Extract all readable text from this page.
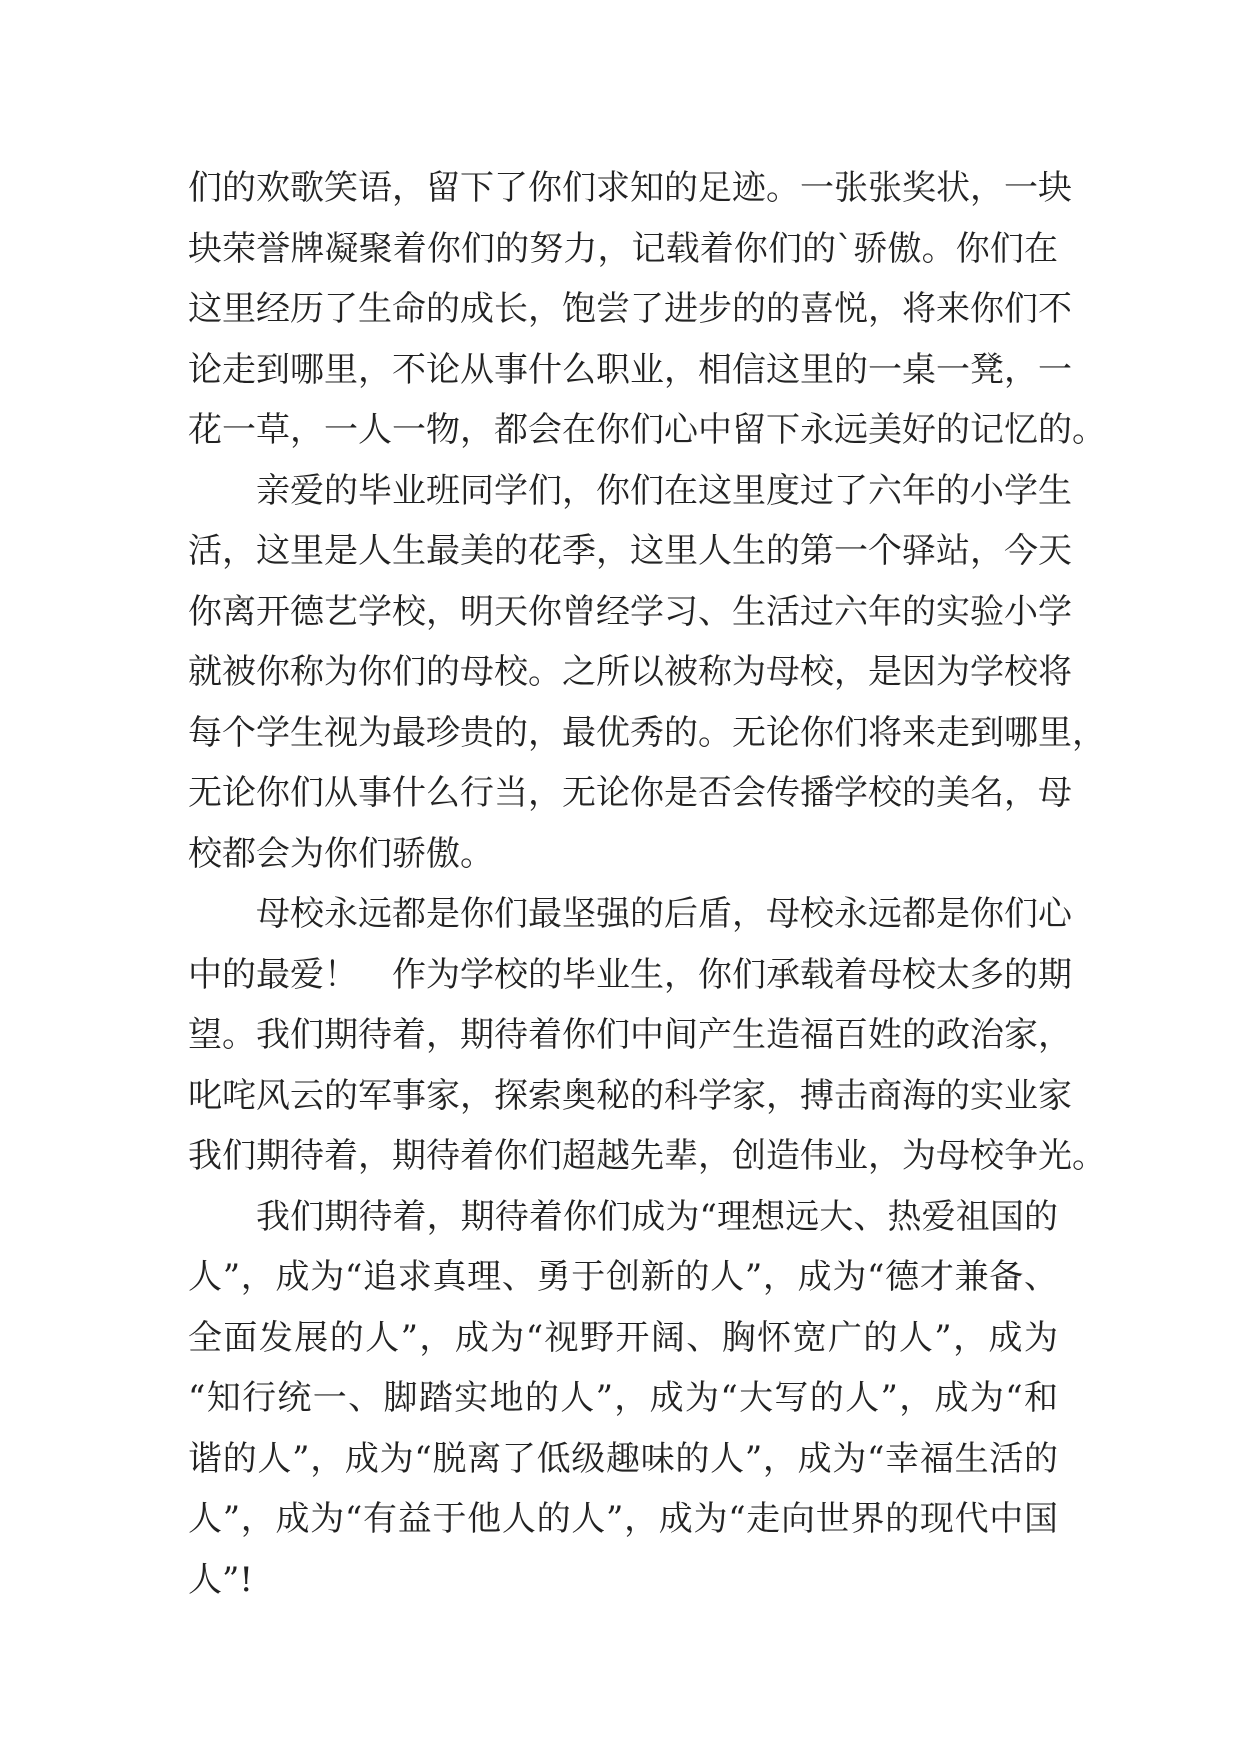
们的欢歌笑语，留下了你们求知的足迹。一张张奖状，一块
块荣誉牌凝聚着你们的努力，记载着你们的`骄傲。你们在
这里经历了生命的成长，饱尝了进步的的喜悦，将来你们不
论走到哪里，不论从事什么职业，相信这里的一桌一凳，一
花一草，一人一物，都会在你们心中留下永远美好的记忆的。
亲爱的毕业班同学们，你们在这里度过了六年的小学生
活，这里是人生最美的花季，这里人生的第一个驿站，今天
你离开德艺学校，明天你曾经学习、生活过六年的实验小学
就被你称为你们的母校。之所以被称为母校，是因为学校将
每个学生视为最珍贵的，最优秀的。无论你们将来走到哪里，
无论你们从事什么行当，无论你是否会传播学校的美名，母
校都会为你们骄傲。
母校永远都是你们最坚强的后盾，母校永远都是你们心
中的最爱！　作为学校的毕业生，你们承载着母校太多的期
望。我们期待着，期待着你们中间产生造福百姓的政治家，
叱咤风云的军事家，探索奥秘的科学家，搏击商海的实业家
我们期待着，期待着你们超越先辈，创造伟业，为母校争光。
我们期待着，期待着你们成为“理想远大、热爱祖国的
人”，成为“追求真理、勇于创新的人”，成为“德才兼备、
全面发展的人”，成为“视野开阔、胸怀宽广的人”，成为
“知行统一、脚踏实地的人”，成为“大写的人”，成为“和
谐的人”，成为“脱离了低级趣味的人”，成为“幸福生活的
人”，成为“有益于他人的人”，成为“走向世界的现代中国
人”!
